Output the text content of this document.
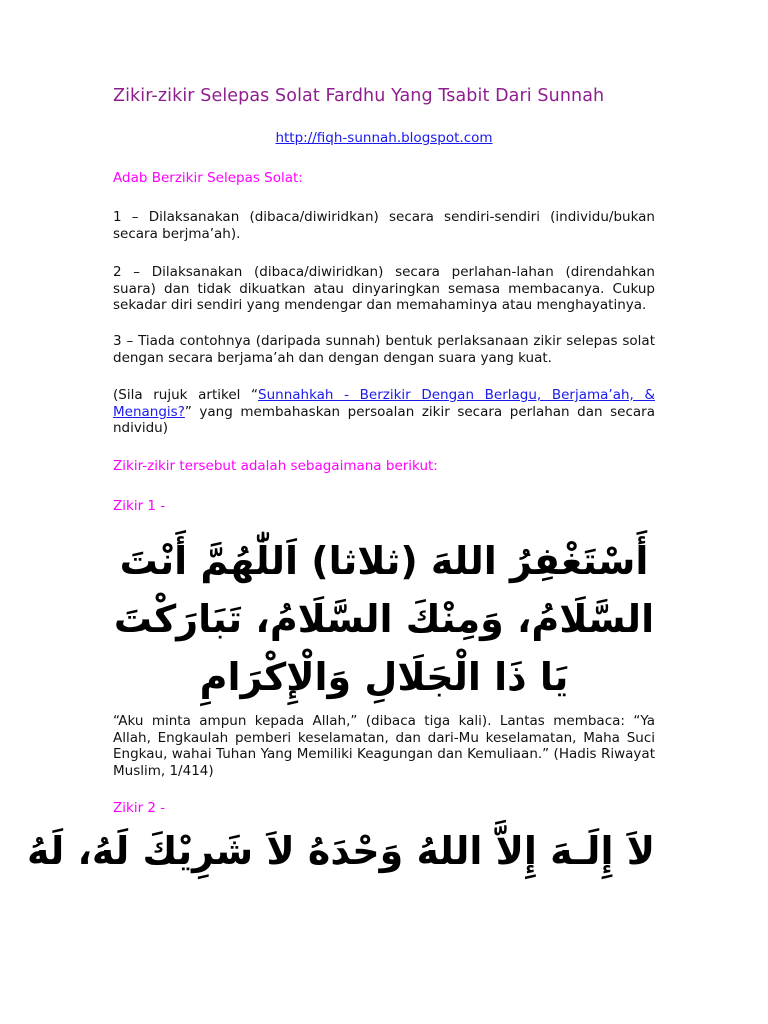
Zikir-zikir Selepas Solat Fardhu Yang Tsabit Dari Sunnah
http://fiqh-sunnah.blogspot.com
Adab Berzikir Selepas Solat:
1 – Dilaksanakan (dibaca/diwiridkan) secara sendiri-sendiri (individu/bukan secara berjma’ah).
2 – Dilaksanakan (dibaca/diwiridkan) secara perlahan-lahan (direndahkan suara) dan tidak dikuatkan atau dinyaringkan semasa membacanya. Cukup sekadar diri sendiri yang mendengar dan memahaminya atau menghayatinya.
3 – Tiada contohnya (daripada sunnah) bentuk perlaksanaan zikir selepas solat dengan secara berjama’ah dan dengan dengan suara yang kuat.
(Sila rujuk artikel “Sunnahkah - Berzikir Dengan Berlagu, Berjama’ah, & Menangis?” yang membahaskan persoalan zikir secara perlahan dan secara ndividu)
Zikir-zikir tersebut adalah sebagaimana berikut:
Zikir 1 -
أَسْتَغْفِرُ اللهَ (ثلاثا) اَللّٰهُمَّ أَنْتَ السَّلَامُ، وَمِنْكَ السَّلَامُ، تَبَارَكْتَ يَا ذَا الْجَلَالِ وَالْإِكْرَامِ
“Aku minta ampun kepada Allah,” (dibaca tiga kali). Lantas membaca: “Ya Allah, Engkaulah pemberi keselamatan, dan dari-Mu keselamatan, Maha Suci Engkau, wahai Tuhan Yang Memiliki Keagungan dan Kemuliaan.” (Hadis Riwayat Muslim, 1/414)
Zikir 2 -
لاَ إِلَـهَ إِلاَّ اللهُ وَحْدَهُ لاَ شَرِيْكَ لَهُ، لَهُ
